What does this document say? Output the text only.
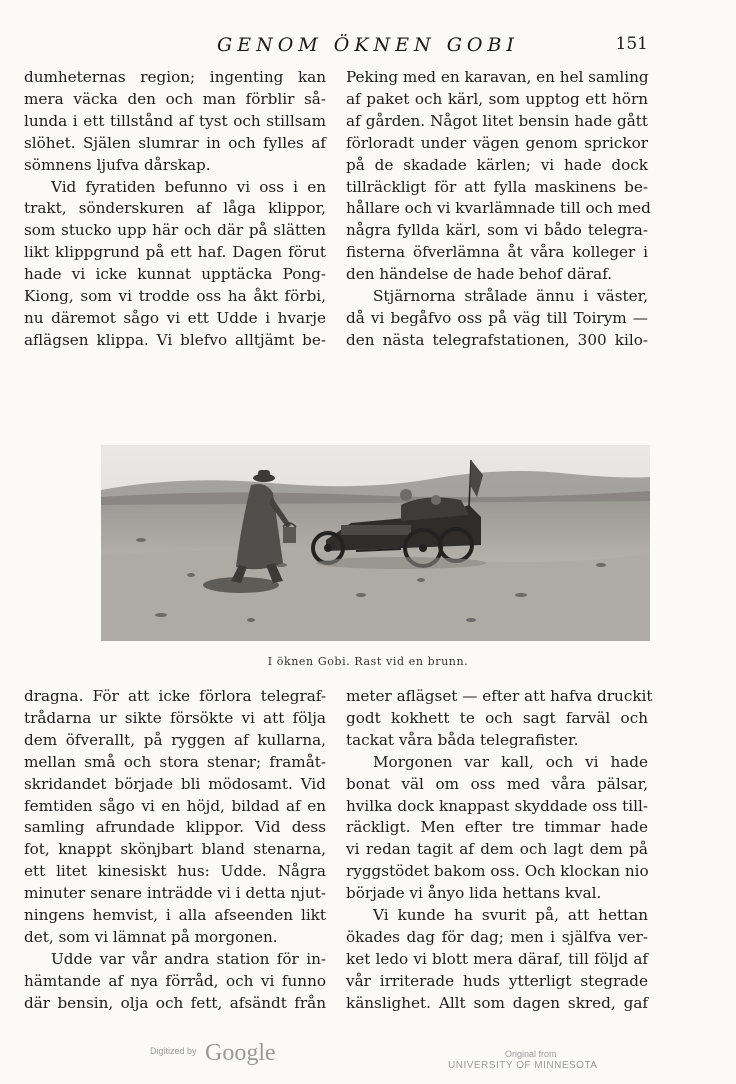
GENOM ÖKNEN GOBI	151
dumheternas region; ingenting kan
mera väcka den och man förblir så-
lunda i ett tillstånd af tyst och stillsam
slöhet. Själen slumrar in och fylles af
sömnens ljufva dårskap.
Vid fyratiden befunno vi oss i en
trakt, sönderskuren af låga klippor,
som stucko upp här och där på slätten
likt klippgrund på ett haf. Dagen förut
hade vi icke kunnat upptäcka Pong-
Kiong, som vi trodde oss ha åkt förbi,
nu däremot sågo vi ett Udde i hvarje
aflägsen klippa. Vi blefvo alltjämt be-
Peking med en karavan, en hel samling
af paket och kärl, som upptog ett hörn
af gården. Något litet bensin hade gått
förloradt under vägen genom sprickor
på de skadade kärlen; vi hade dock
tillräckligt för att fylla maskinens be-
hållare och vi kvarlämnade till och med
några fyllda kärl, som vi bådo telegra-
fisterna öfverlämna åt våra kolleger i
den händelse de hade behof däraf.
Stjärnorna strålade ännu i väster,
då vi begåfvo oss på väg till Toirym —
den nästa telegrafstationen, 300 kilo-
I öknen Gobi. Rast vid en brunn.
dragna. För att icke förlora telegraf-
trådarna ur sikte försökte vi att följa
dem öfverallt, på ryggen af kullarna,
mellan små och stora stenar; framåt-
skridandet började bli mödosamt. Vid
femtiden sågo vi en höjd, bildad af en
samling afrundade klippor. Vid dess
fot, knappt skönjbart bland stenarna,
ett litet kinesiskt hus: Udde. Några
minuter senare inträdde vi i detta njut-
ningens hemvist, i alla afseenden likt
det, som vi lämnat på morgonen.
Udde var vår andra station för in-
hämtande af nya förråd, och vi funno
där bensin, olja och fett, afsändt från
meter aflägset — efter att hafva druckit
godt kokhett te och sagt farväl och
tackat våra båda telegrafister.
Morgonen var kall, och vi hade
bonat väl om oss med våra pälsar,
hvilka dock knappast skyddade oss till-
räckligt. Men efter tre timmar hade
vi redan tagit af dem och lagt dem på
ryggstödet bakom oss. Och klockan nio
började vi ånyo lida hettans kval.
Vi kunde ha svurit på, att hettan
ökades dag för dag; men i själfva ver-
ket ledo vi blott mera däraf, till följd af
vår irriterade huds ytterligt stegrade
känslighet. Allt som dagen skred, gaf
Digitized by Google	Original from
UNIVERSITY OF MINNESOTA
